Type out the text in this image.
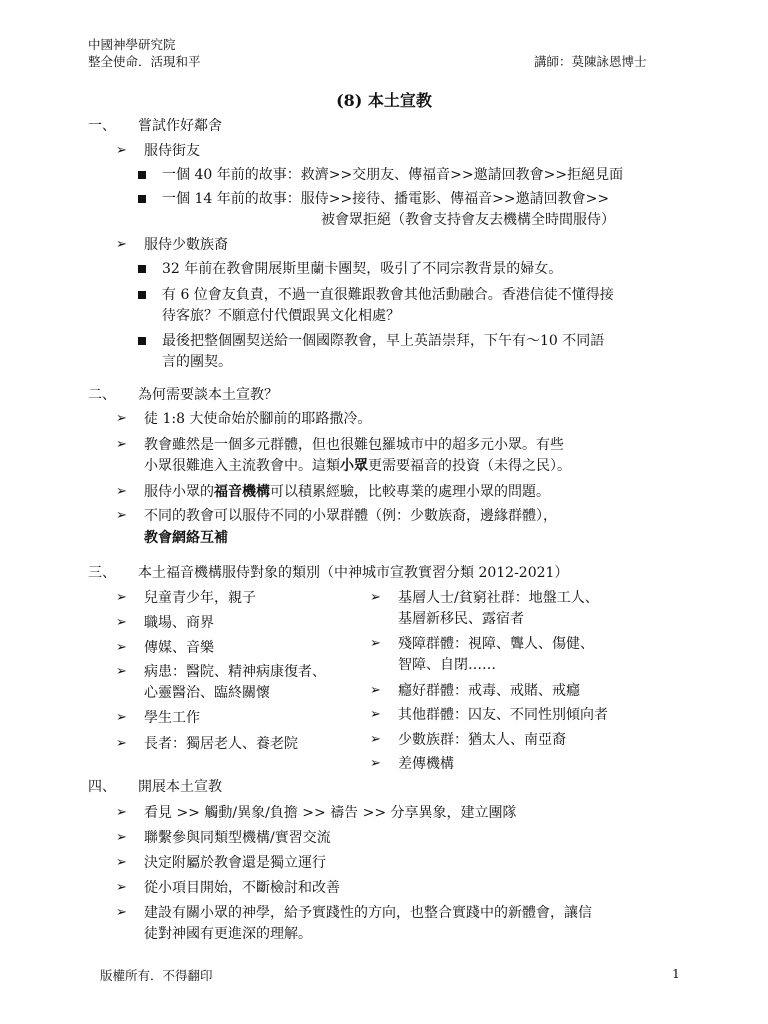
中國神學研究院
整全使命．活現和平	講師：莫陳詠恩博士
(8) 本土宣教
一、 嘗試作好鄰舍
➢ 服侍街友
一個 40 年前的故事：救濟>>交朋友、傳福音>>邀請回教會>>拒絕見面
一個 14 年前的故事：服侍>>接待、播電影、傳福音>>邀請回教會>>
被會眾拒絕（教會支持會友去機構全時間服侍）
➢ 服侍少數族裔
32 年前在教會開展斯里蘭卡團契，吸引了不同宗教背景的婦女。
有 6 位會友負責，不過一直很難跟教會其他活動融合。香港信徒不懂得接
待客旅？不願意付代價跟異文化相處？
最後把整個團契送給一個國際教會，早上英語崇拜，下午有～10 不同語
言的團契。
二、 為何需要談本土宣教？
➢ 徒 1:8 大使命始於腳前的耶路撒冷。
➢ 教會雖然是一個多元群體，但也很難包羅城市中的超多元小眾。有些
小眾很難進入主流教會中。這類小眾更需要福音的投資（未得之民）。
➢ 服侍小眾的福音機構可以積累經驗，比較專業的處理小眾的問題。
➢ 不同的教會可以服侍不同的小眾群體（例：少數族裔，邊緣群體），
教會網絡互補
三、 本土福音機構服侍對象的類別（中神城市宣教實習分類 2012-2021）
➢ 兒童青少年，親子
➢ 職場、商界
➢ 傳媒、音樂
➢ 病患：醫院、精神病康復者、
心靈醫治、臨終關懷
➢ 學生工作
➢ 長者：獨居老人、養老院
➢ 基層人士/貧窮社群：地盤工人、
基層新移民、露宿者
➢ 殘障群體：視障、聾人、傷健、
智障、自閉……
➢ 癮好群體：戒毒、戒賭、戒癮
➢ 其他群體：囚友、不同性別傾向者
➢ 少數族群：猶太人、南亞裔
➢ 差傳機構
四、 開展本土宣教
➢ 看見 >> 觸動/異象/負擔 >> 禱告 >> 分享異象，建立團隊
➢ 聯繫參與同類型機構/實習交流
➢ 決定附屬於教會還是獨立運行
➢ 從小項目開始，不斷檢討和改善
➢ 建設有關小眾的神學，給予實踐性的方向，也整合實踐中的新體會，讓信
徒對神國有更進深的理解。
版權所有．不得翻印	1
